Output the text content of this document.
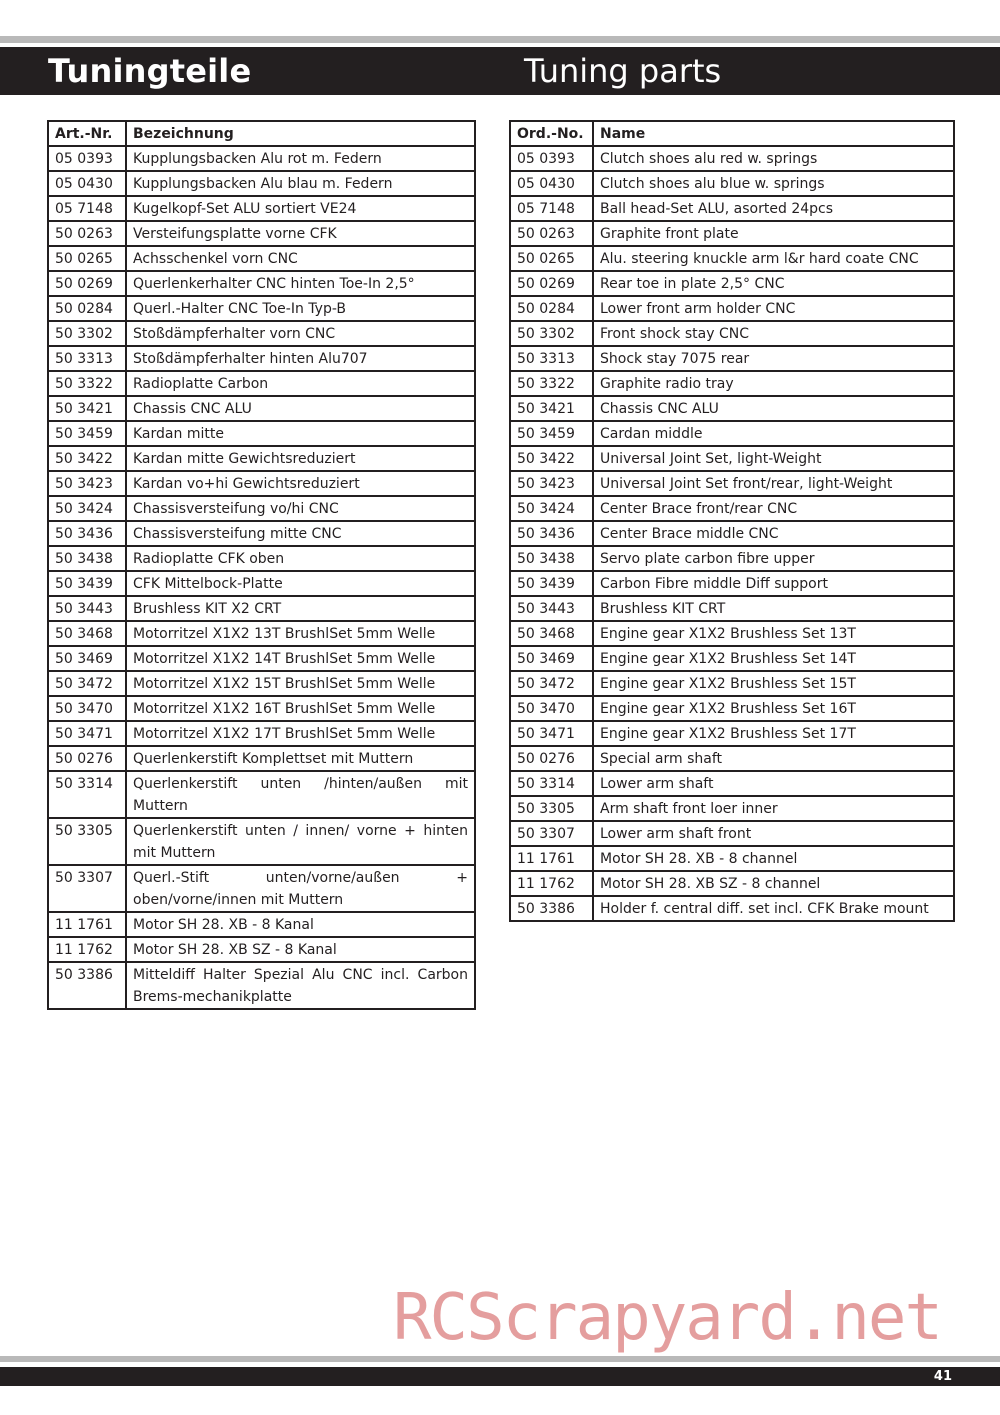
Tuningteile	Tuning parts
Art.-Nr.	Bezeichnung
05 0393	Kupplungsbacken Alu rot m. Federn
05 0430	Kupplungsbacken Alu blau m. Federn
05 7148	Kugelkopf-Set ALU sortiert VE24
50 0263	Versteifungsplatte vorne CFK
50 0265	Achsschenkel vorn CNC
50 0269	Querlenkerhalter CNC hinten Toe-In 2,5°
50 0284	Querl.-Halter CNC Toe-In Typ-B
50 3302	Stoßdämpferhalter vorn CNC
50 3313	Stoßdämpferhalter hinten Alu707
50 3322	Radioplatte Carbon
50 3421	Chassis CNC ALU
50 3459	Kardan mitte
50 3422	Kardan mitte Gewichtsreduziert
50 3423	Kardan vo+hi Gewichtsreduziert
50 3424	Chassisversteifung vo/hi CNC
50 3436	Chassisversteifung mitte CNC
50 3438	Radioplatte CFK oben
50 3439	CFK Mittelbock-Platte
50 3443	Brushless KIT X2 CRT
50 3468	Motorritzel X1X2 13T BrushlSet 5mm Welle
50 3469	Motorritzel X1X2 14T BrushlSet 5mm Welle
50 3472	Motorritzel X1X2 15T BrushlSet 5mm Welle
50 3470	Motorritzel X1X2 16T BrushlSet 5mm Welle
50 3471	Motorritzel X1X2 17T BrushlSet 5mm Welle
50 0276	Querlenkerstift Komplettset mit Muttern
50 3314	Querlenkerstift unten /hinten/außen mit Muttern
50 3305	Querlenkerstift unten / innen/ vorne + hinten mit Muttern
50 3307	Querl.-Stift unten/vorne/außen + oben/vorne/innen mit Muttern
11 1761	Motor SH 28. XB - 8 Kanal
11 1762	Motor SH 28. XB SZ - 8 Kanal
50 3386	Mitteldiff Halter Spezial Alu CNC incl. Carbon Brems-mechanikplatte
Ord.-No.	Name
05 0393	Clutch shoes alu red w. springs
05 0430	Clutch shoes alu blue w. springs
05 7148	Ball head-Set ALU, asorted 24pcs
50 0263	Graphite front plate
50 0265	Alu. steering knuckle arm l&r hard coate CNC
50 0269	Rear toe in plate 2,5° CNC
50 0284	Lower front arm holder CNC
50 3302	Front shock stay CNC
50 3313	Shock stay 7075 rear
50 3322	Graphite radio tray
50 3421	Chassis CNC ALU
50 3459	Cardan middle
50 3422	Universal Joint Set, light-Weight
50 3423	Universal Joint Set front/rear, light-Weight
50 3424	Center Brace front/rear CNC
50 3436	Center Brace middle CNC
50 3438	Servo plate carbon fibre upper
50 3439	Carbon Fibre middle Diff support
50 3443	Brushless KIT CRT
50 3468	Engine gear X1X2 Brushless Set 13T
50 3469	Engine gear X1X2 Brushless Set 14T
50 3472	Engine gear X1X2 Brushless Set 15T
50 3470	Engine gear X1X2 Brushless Set 16T
50 3471	Engine gear X1X2 Brushless Set 17T
50 0276	Special arm shaft
50 3314	Lower arm shaft
50 3305	Arm shaft front loer inner
50 3307	Lower arm shaft front
11 1761	Motor SH 28. XB - 8 channel
11 1762	Motor SH 28. XB SZ - 8 channel
50 3386	Holder f. central diff. set incl. CFK Brake mount
RCScrapyard.net
41
